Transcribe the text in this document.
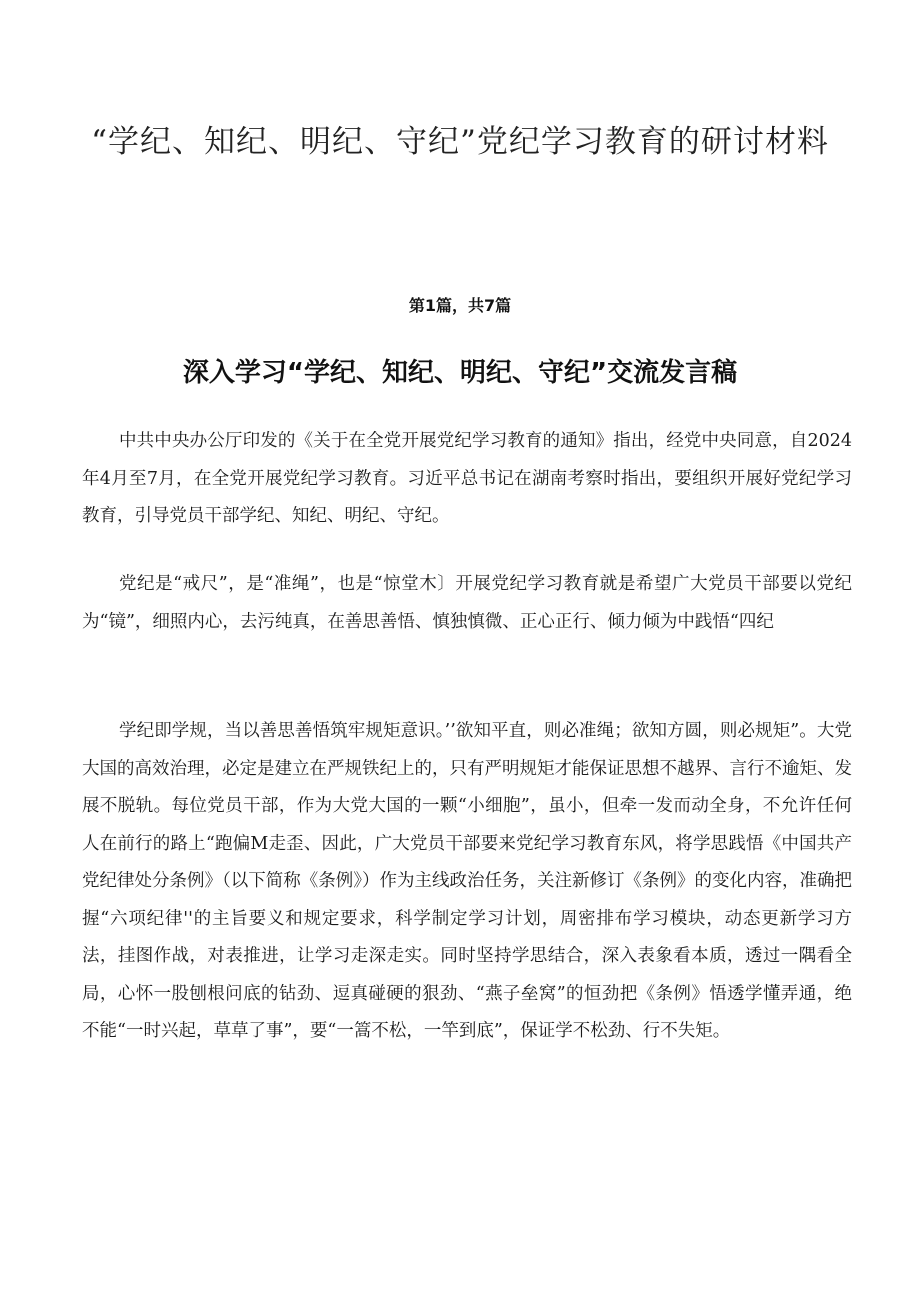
“学纪、知纪、明纪、守纪”党纪学习教育的研讨材料
第1篇，共7篇
深入学习“学纪、知纪、明纪、守纪”交流发言稿

中共中央办公厅印发的《关于在全党开展党纪学习教育的通知》指出，经党中央同意，自2024年4月至7月，在全党开展党纪学习教育。习近平总书记在湖南考察时指出，要组织开展好党纪学习教育，引导党员干部学纪、知纪、明纪、守纪。

党纪是“戒尺”，是“准绳”，也是“惊堂木〕开展党纪学习教育就是希望广大党员干部要以党纪为“镜”，细照内心，去污纯真，在善思善悟、慎独慎微、正心正行、倾力倾为中践悟“四纪

学纪即学规，当以善思善悟筑牢规矩意识。’’欲知平直，则必准绳；欲知方圆，则必规矩”。大党大国的高效治理，必定是建立在严规铁纪上的，只有严明规矩才能保证思想不越界、言行不逾矩、发展不脱轨。每位党员干部，作为大党大国的一颗“小细胞”，虽小，但牵一发而动全身，不允许任何人在前行的路上“跑偏M走歪、因此，广大党员干部要来党纪学习教育东风，将学思践悟《中国共产党纪律处分条例》（以下简称《条例》）作为主线政治任务，关注新修订《条例》的变化内容，准确把握“六项纪律''的主旨要义和规定要求，科学制定学习计划，周密排布学习模块，动态更新学习方法，挂图作战，对表推进，让学习走深走实。同时坚持学思结合，深入表象看本质，透过一隅看全局，心怀一股刨根问底的钻劲、逗真碰硬的狠劲、“燕子垒窝”的恒劲把《条例》悟透学懂弄通，绝不能“一时兴起，草草了事”，要“一篙不松，一竿到底”，保证学不松劲、行不失矩。
